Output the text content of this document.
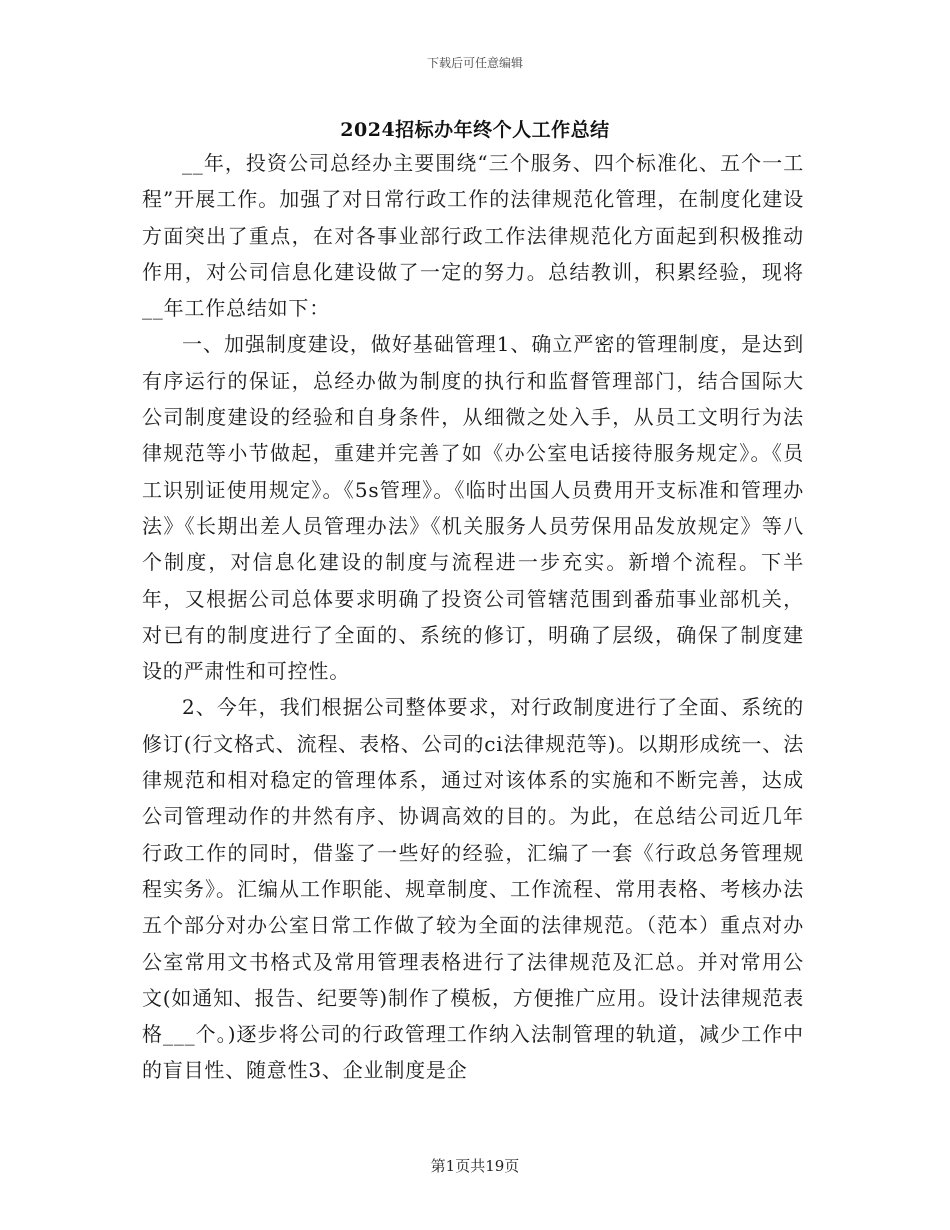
下载后可任意编辑
2024招标办年终个人工作总结

__年，投资公司总经办主要围绕“三个服务、四个标准化、五个一工程”开展工作。加强了对日常行政工作的法律规范化管理，在制度化建设方面突出了重点，在对各事业部行政工作法律规范化方面起到积极推动作用，对公司信息化建设做了一定的努力。总结教训，积累经验，现将__年工作总结如下：

一、加强制度建设，做好基础管理1、确立严密的管理制度，是达到有序运行的保证，总经办做为制度的执行和监督管理部门，结合国际大公司制度建设的经验和自身条件，从细微之处入手，从员工文明行为法律规范等小节做起，重建并完善了如《办公室电话接待服务规定》。《员工识别证使用规定》。《5s管理》。《临时出国人员费用开支标准和管理办法》《长期出差人员管理办法》《机关服务人员劳保用品发放规定》等八个制度，对信息化建设的制度与流程进一步充实。新增个流程。下半年，又根据公司总体要求明确了投资公司管辖范围到番茄事业部机关，对已有的制度进行了全面的、系统的修订，明确了层级，确保了制度建设的严肃性和可控性。

2、今年，我们根据公司整体要求，对行政制度进行了全面、系统的修订(行文格式、流程、表格、公司的ci法律规范等)。以期形成统一、法律规范和相对稳定的管理体系，通过对该体系的实施和不断完善，达成公司管理动作的井然有序、协调高效的目的。为此，在总结公司近几年行政工作的同时，借鉴了一些好的经验，汇编了一套《行政总务管理规程实务》。汇编从工作职能、规章制度、工作流程、常用表格、考核办法五个部分对办公室日常工作做了较为全面的法律规范。（范本）重点对办公室常用文书格式及常用管理表格进行了法律规范及汇总。并对常用公文(如通知、报告、纪要等)制作了模板，方便推广应用。设计法律规范表格___个。)逐步将公司的行政管理工作纳入法制管理的轨道，减少工作中的盲目性、随意性3、企业制度是企

第1页共19页
